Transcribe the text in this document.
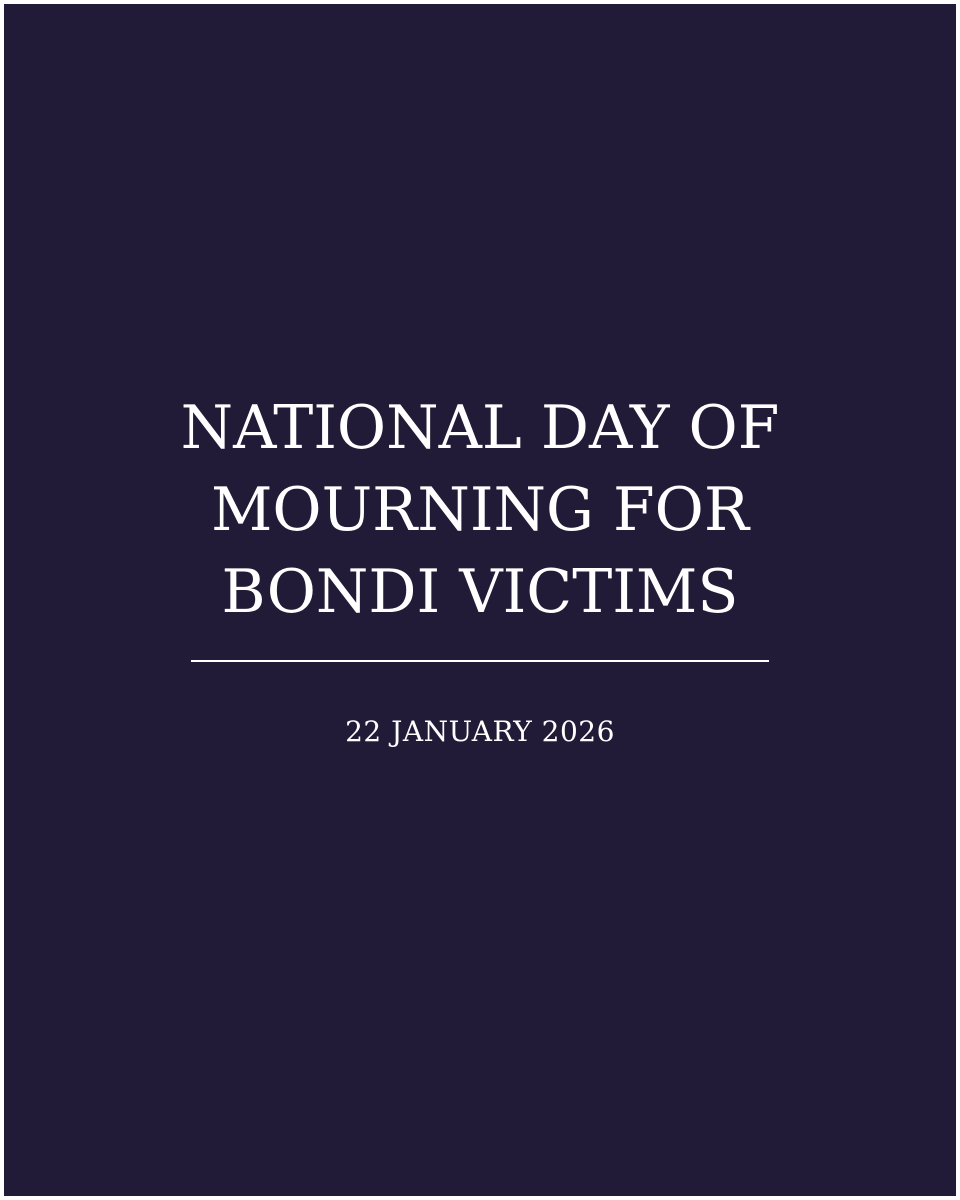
NATIONAL DAY OF
MOURNING FOR
BONDI VICTIMS
22 JANUARY 2026
